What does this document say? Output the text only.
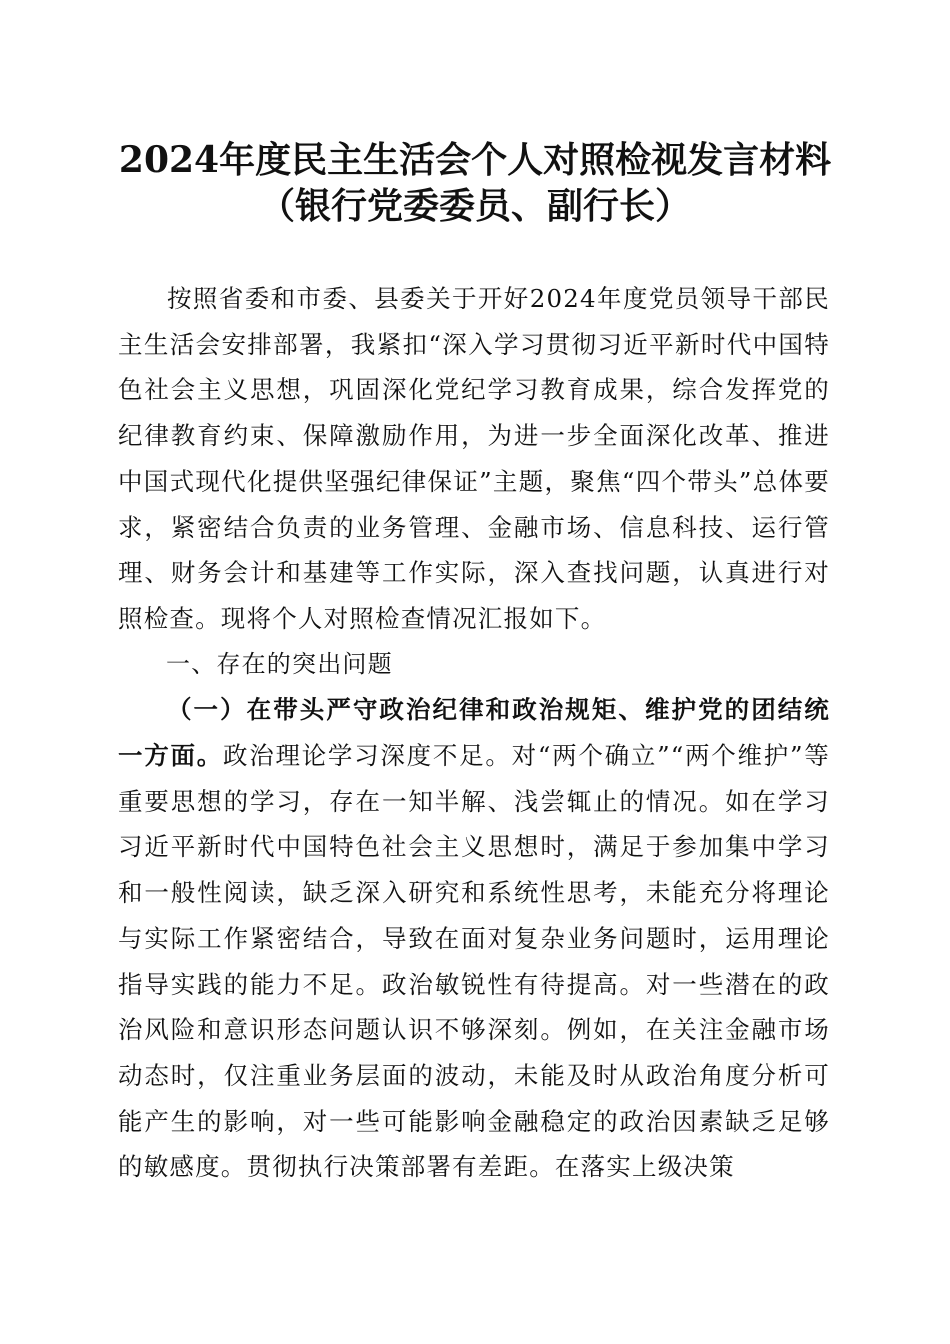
2024年度民主生活会个人对照检视发言材料
（银行党委委员、副行长）

按照省委和市委、县委关于开好2024年度党员领导干部民主生活会安排部署，我紧扣“深入学习贯彻习近平新时代中国特色社会主义思想，巩固深化党纪学习教育成果，综合发挥党的纪律教育约束、保障激励作用，为进一步全面深化改革、推进中国式现代化提供坚强纪律保证”主题，聚焦“四个带头”总体要求，紧密结合负责的业务管理、金融市场、信息科技、运行管理、财务会计和基建等工作实际，深入查找问题，认真进行对照检查。现将个人对照检查情况汇报如下。

一、存在的突出问题

（一）在带头严守政治纪律和政治规矩、维护党的团结统一方面。政治理论学习深度不足。对“两个确立”“两个维护”等重要思想的学习，存在一知半解、浅尝辄止的情况。如在学习习近平新时代中国特色社会主义思想时，满足于参加集中学习和一般性阅读，缺乏深入研究和系统性思考，未能充分将理论与实际工作紧密结合，导致在面对复杂业务问题时，运用理论指导实践的能力不足。政治敏锐性有待提高。对一些潜在的政治风险和意识形态问题认识不够深刻。例如，在关注金融市场动态时，仅注重业务层面的波动，未能及时从政治角度分析可能产生的影响，对一些可能影响金融稳定的政治因素缺乏足够的敏感度。贯彻执行决策部署有差距。在落实上级决策
